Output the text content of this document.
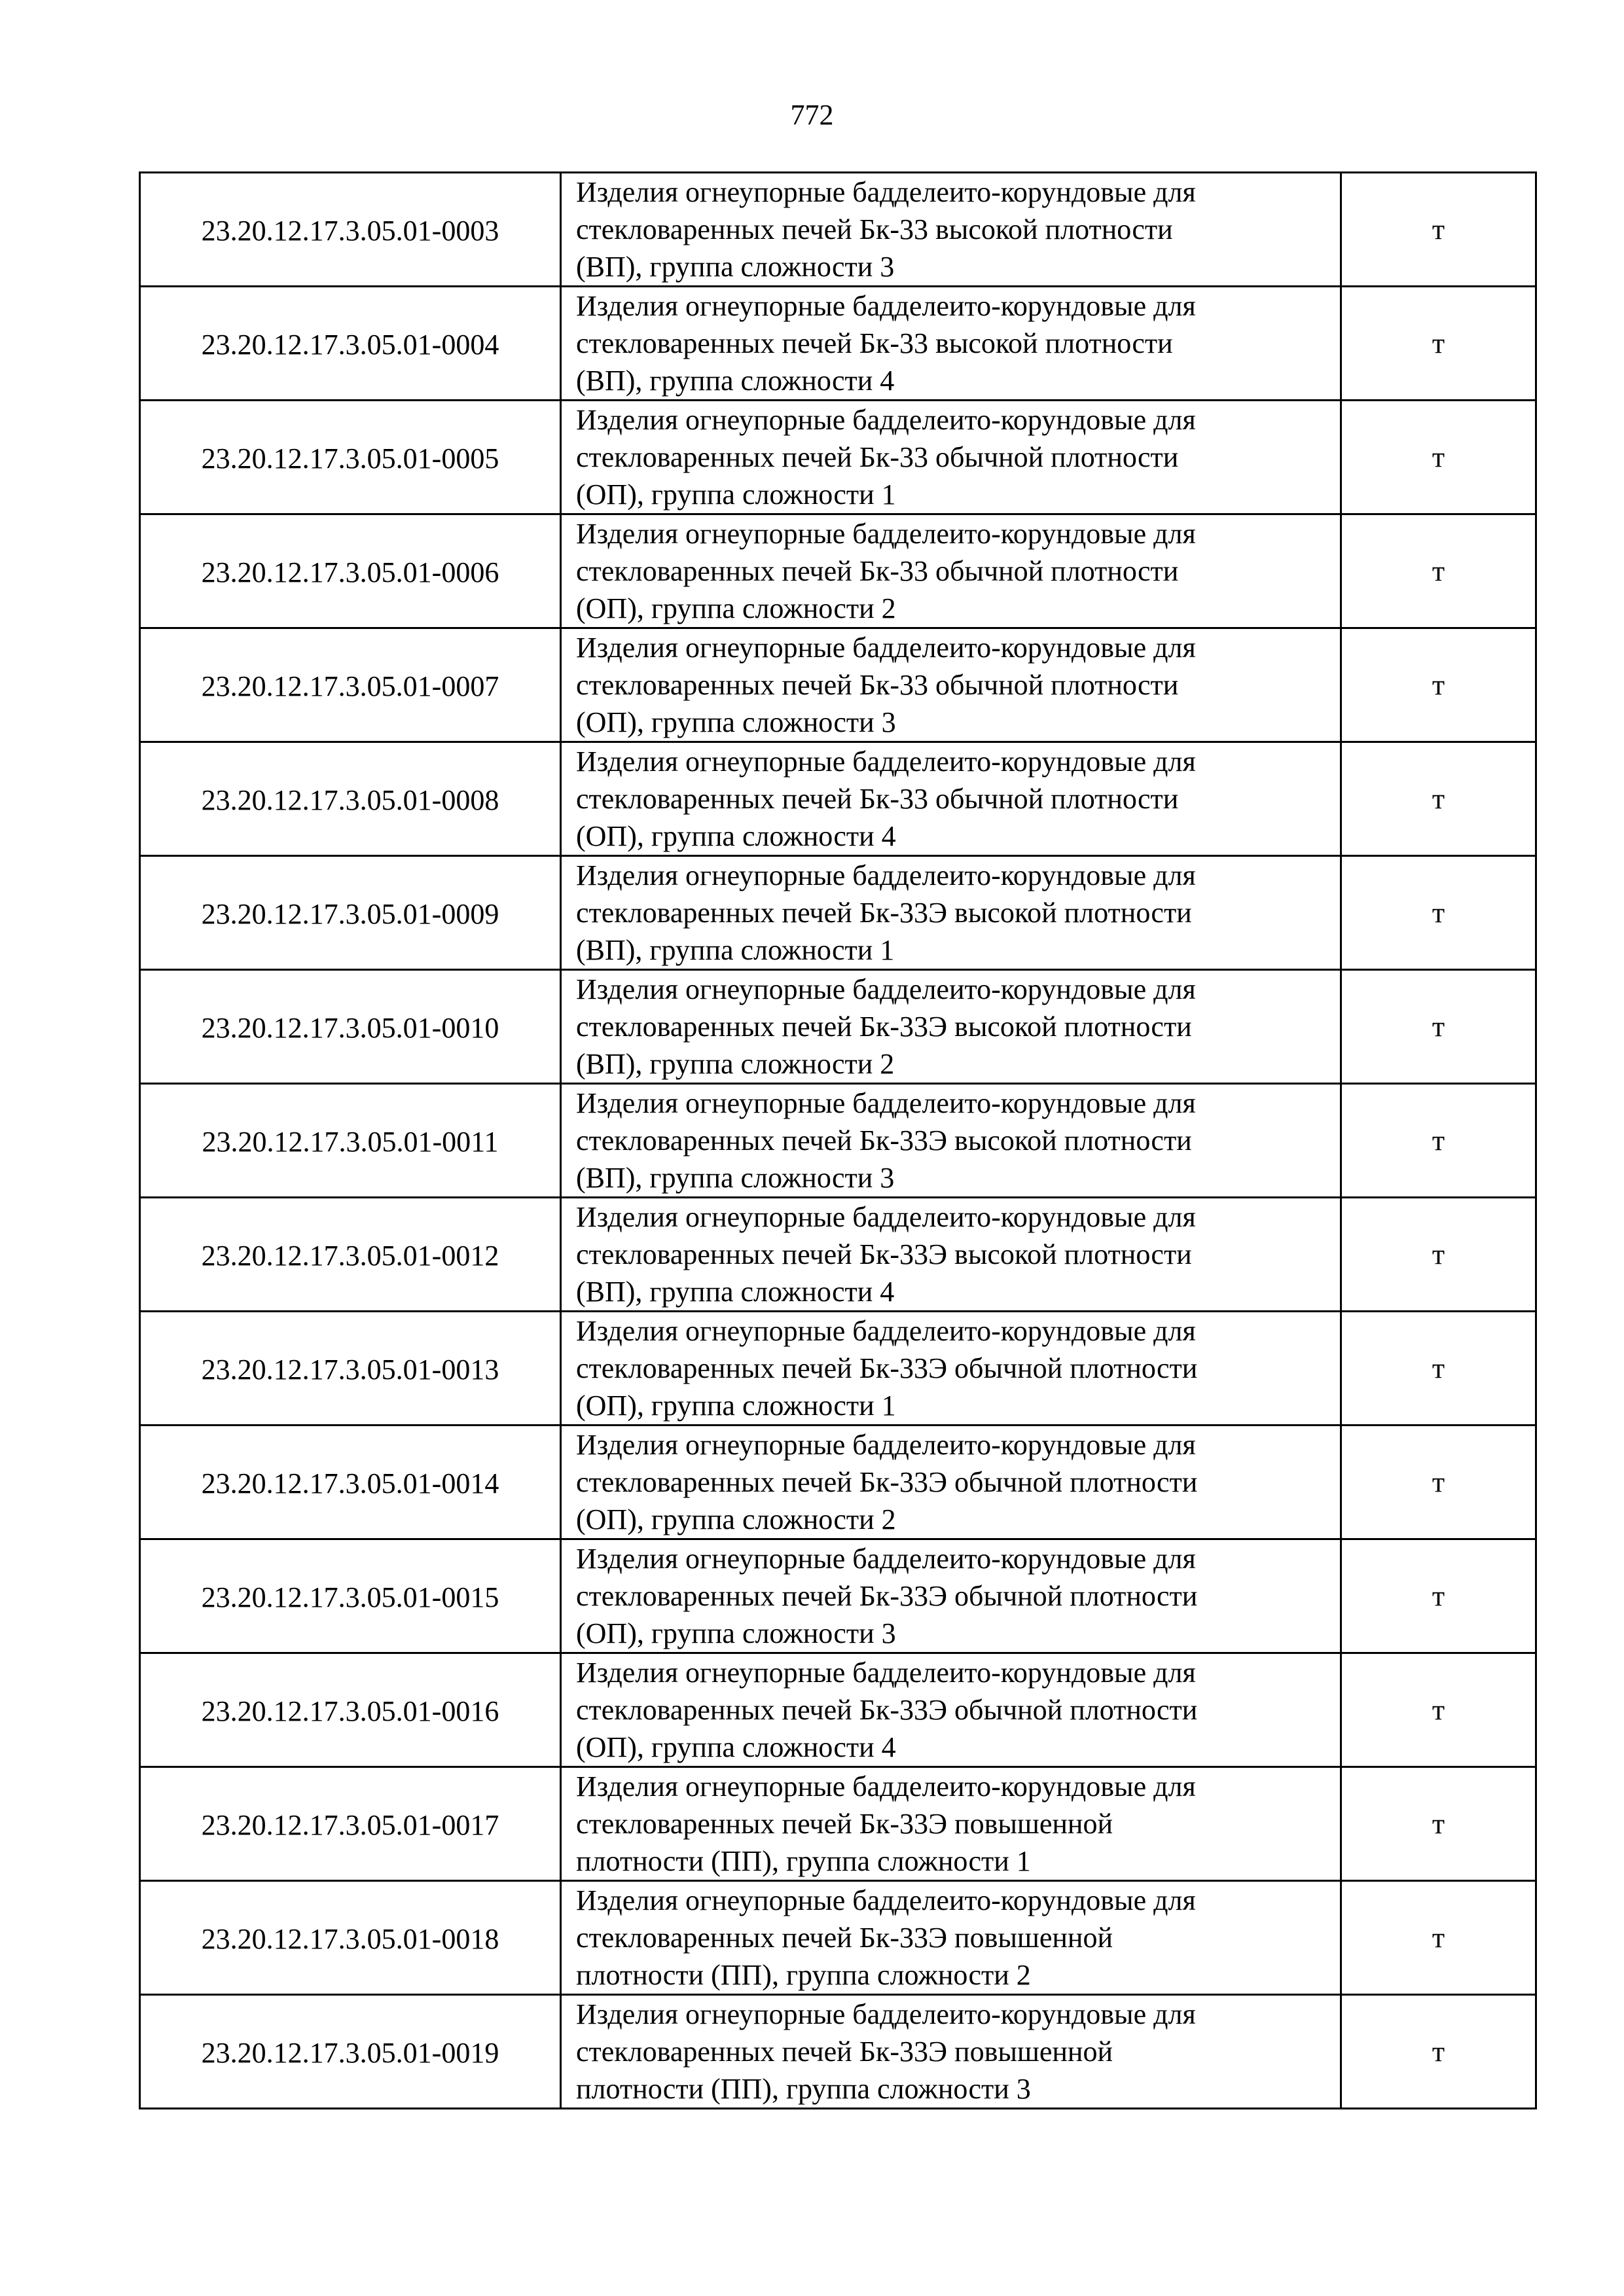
772
23.20.12.17.3.05.01-0003	Изделия огнеупорные бадделеито-корундовые для
стекловаренных печей Бк-33 высокой плотности
(ВП), группа сложности 3	т

23.20.12.17.3.05.01-0004	Изделия огнеупорные бадделеито-корундовые для
стекловаренных печей Бк-33 высокой плотности
(ВП), группа сложности 4	т

23.20.12.17.3.05.01-0005	Изделия огнеупорные бадделеито-корундовые для
стекловаренных печей Бк-33 обычной плотности
(ОП), группа сложности 1	т

23.20.12.17.3.05.01-0006	Изделия огнеупорные бадделеито-корундовые для
стекловаренных печей Бк-33 обычной плотности
(ОП), группа сложности 2	т

23.20.12.17.3.05.01-0007	Изделия огнеупорные бадделеито-корундовые для
стекловаренных печей Бк-33 обычной плотности
(ОП), группа сложности 3	т

23.20.12.17.3.05.01-0008	Изделия огнеупорные бадделеито-корундовые для
стекловаренных печей Бк-33 обычной плотности
(ОП), группа сложности 4	т

23.20.12.17.3.05.01-0009	Изделия огнеупорные бадделеито-корундовые для
стекловаренных печей Бк-33Э высокой плотности
(ВП), группа сложности 1	т

23.20.12.17.3.05.01-0010	Изделия огнеупорные бадделеито-корундовые для
стекловаренных печей Бк-33Э высокой плотности
(ВП), группа сложности 2	т

23.20.12.17.3.05.01-0011	Изделия огнеупорные бадделеито-корундовые для
стекловаренных печей Бк-33Э высокой плотности
(ВП), группа сложности 3	т

23.20.12.17.3.05.01-0012	Изделия огнеупорные бадделеито-корундовые для
стекловаренных печей Бк-33Э высокой плотности
(ВП), группа сложности 4	т

23.20.12.17.3.05.01-0013	Изделия огнеупорные бадделеито-корундовые для
стекловаренных печей Бк-33Э обычной плотности
(ОП), группа сложности 1	т

23.20.12.17.3.05.01-0014	Изделия огнеупорные бадделеито-корундовые для
стекловаренных печей Бк-33Э обычной плотности
(ОП), группа сложности 2	т

23.20.12.17.3.05.01-0015	Изделия огнеупорные бадделеито-корундовые для
стекловаренных печей Бк-33Э обычной плотности
(ОП), группа сложности 3	т

23.20.12.17.3.05.01-0016	Изделия огнеупорные бадделеито-корундовые для
стекловаренных печей Бк-33Э обычной плотности
(ОП), группа сложности 4	т

23.20.12.17.3.05.01-0017	Изделия огнеупорные бадделеито-корундовые для
стекловаренных печей Бк-33Э повышенной
плотности (ПП), группа сложности 1	т

23.20.12.17.3.05.01-0018	Изделия огнеупорные бадделеито-корундовые для
стекловаренных печей Бк-33Э повышенной
плотности (ПП), группа сложности 2	т

23.20.12.17.3.05.01-0019	Изделия огнеупорные бадделеито-корундовые для
стекловаренных печей Бк-33Э повышенной
плотности (ПП), группа сложности 3	т
